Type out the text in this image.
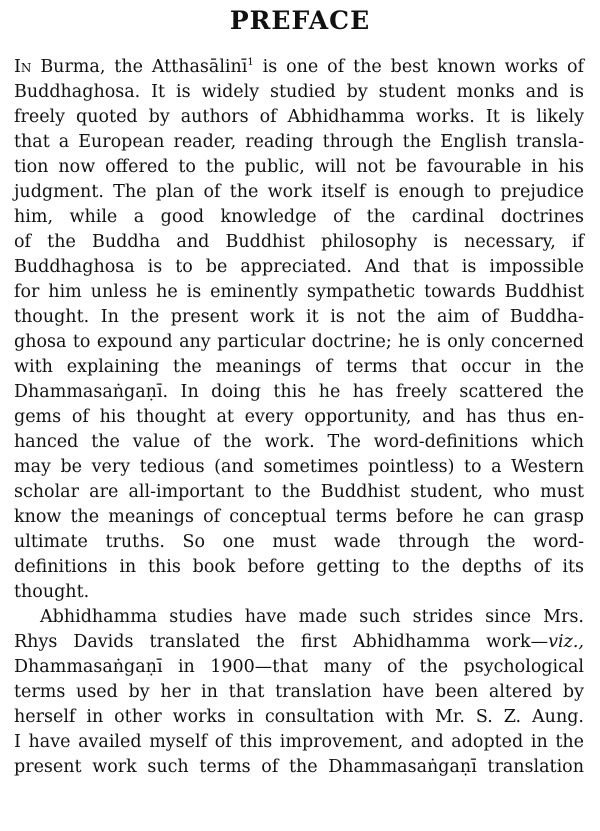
PREFACE
In Burma, the Atthasālinī$^1$ is one of the best known works of
Buddhaghosa. It is widely studied by student monks and is
freely quoted by authors of Abhidhamma works. It is likely
that a European reader, reading through the English transla-
tion now offered to the public, will not be favourable in his
judgment. The plan of the work itself is enough to prejudice
him, while a good knowledge of the cardinal doctrines
of the Buddha and Buddhist philosophy is necessary, if
Buddhaghosa is to be appreciated. And that is impossible
for him unless he is eminently sympathetic towards Buddhist
thought. In the present work it is not the aim of Buddha-
ghosa to expound any particular doctrine; he is only concerned
with explaining the meanings of terms that occur in the
Dhammasaṅgaṇī. In doing this he has freely scattered the
gems of his thought at every opportunity, and has thus en-
hanced the value of the work. The word-definitions which
may be very tedious (and sometimes pointless) to a Western
scholar are all-important to the Buddhist student, who must
know the meanings of conceptual terms before he can grasp
ultimate truths. So one must wade through the word-
definitions in this book before getting to the depths of its
thought.
Abhidhamma studies have made such strides since Mrs.
Rhys Davids translated the first Abhidhamma work—viz.,
Dhammasaṅgaṇī in 1900—that many of the psychological
terms used by her in that translation have been altered by
herself in other works in consultation with Mr. S. Z. Aung.
I have availed myself of this improvement, and adopted in the
present work such terms of the Dhammasaṅgaṇī translation
